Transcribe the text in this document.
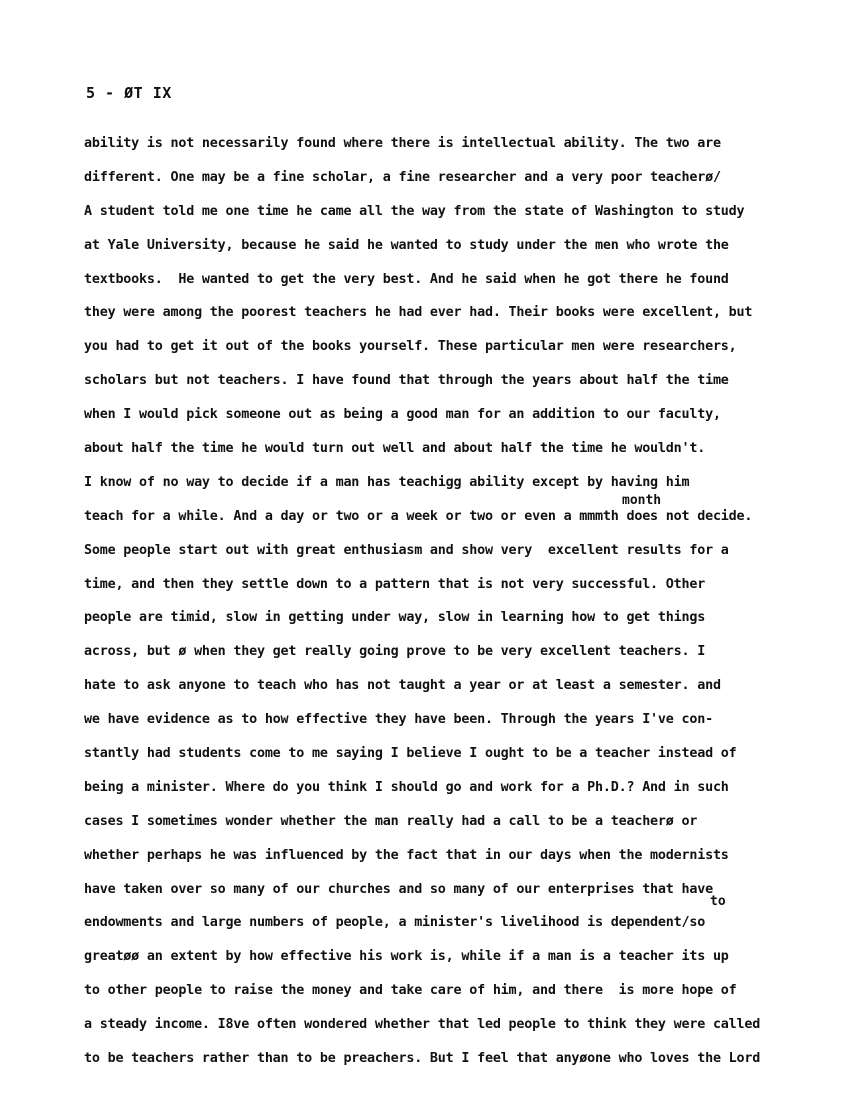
5 - ØT IX
month
to
ability is not necessarily found where there is intellectual ability. The two are
different. One may be a fine scholar, a fine researcher and a very poor teacherø/
A student told me one time he came all the way from the state of Washington to study
at Yale University, because he said he wanted to study under the men who wrote the
textbooks.  He wanted to get the very best. And he said when he got there he found
they were among the poorest teachers he had ever had. Their books were excellent, but
you had to get it out of the books yourself. These particular men were researchers,
scholars but not teachers. I have found that through the years about half the time
when I would pick someone out as being a good man for an addition to our faculty,
about half the time he would turn out well and about half the time he wouldn't.
I know of no way to decide if a man has teachigg ability except by having him
teach for a while. And a day or two or a week or two or even a mmmth does not decide.
Some people start out with great enthusiasm and show very  excellent results for a
time, and then they settle down to a pattern that is not very successful. Other
people are timid, slow in getting under way, slow in learning how to get things
across, but ø when they get really going prove to be very excellent teachers. I
hate to ask anyone to teach who has not taught a year or at least a semester. and
we have evidence as to how effective they have been. Through the years I've con-
stantly had students come to me saying I believe I ought to be a teacher instead of
being a minister. Where do you think I should go and work for a Ph.D.? And in such
cases I sometimes wonder whether the man really had a call to be a teacherø or
whether perhaps he was influenced by the fact that in our days when the modernists
have taken over so many of our churches and so many of our enterprises that have
endowments and large numbers of people, a minister's livelihood is dependent/so
greatøø an extent by how effective his work is, while if a man is a teacher its up
to other people to raise the money and take care of him, and there  is more hope of
a steady income. I8ve often wondered whether that led people to think they were called
to be teachers rather than to be preachers. But I feel that anyøone who loves the Lord
